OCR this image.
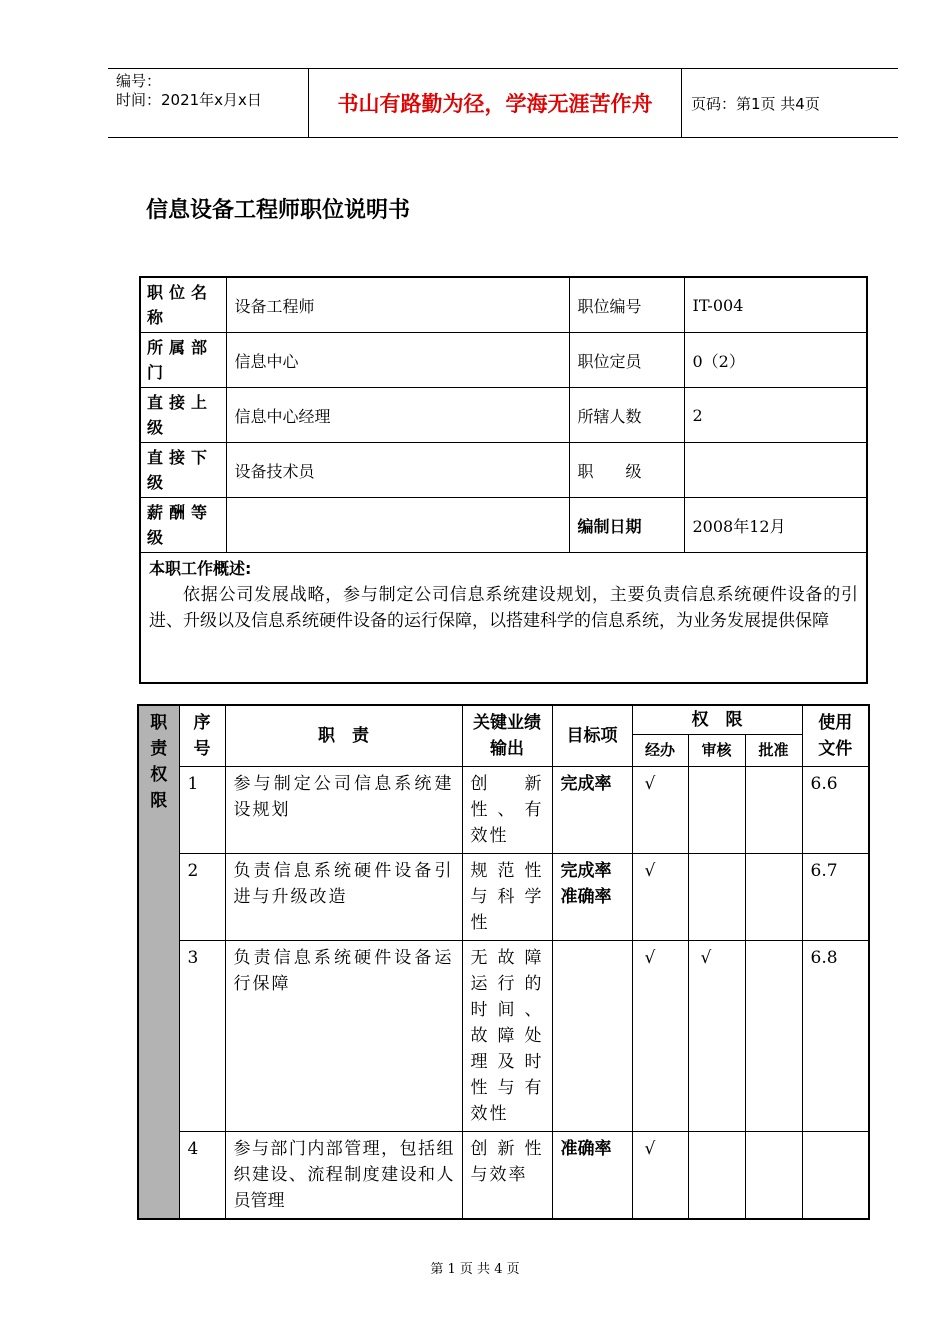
编号：
时间：2021年x月x日	书山有路勤为径，学海无涯苦作舟	页码：第1页 共4页
信息设备工程师职位说明书
职位名称	设备工程师	职位编号	IT-004
所属部门	信息中心	职位定员	0（2）
直接上级	信息中心经理	所辖人数	2
直接下级	设备技术员	职　　级	
薪酬等级		编制日期	2008年12月

本职工作概述:
依据公司发展战略，参与制定公司信息系统建设规划，主要负责信息系统硬件设备的引进、升级以及信息系统硬件设备的运行保障，以搭建科学的信息系统，为业务发展提供保障			
职责权限	序号	职　责	关键业绩输出	目标项	权　限			使用文件

					经办	审核	批准	
	1	参与制定公司信息系统建设规划	创　新性、有效性	完成率	√			6.6
	2	负责信息系统硬件设备引进与升级改造	规范性与科学性	完成率
准确率	√			6.7
	3	负责信息系统硬件设备运行保障	无故障运行的时间、故障处理及时性与有效性		√	√		6.8
	4	参与部门内部管理，包括组织建设、流程制度建设和人员管理	创新性与效率	准确率	√			
第 1 页 共 4 页
